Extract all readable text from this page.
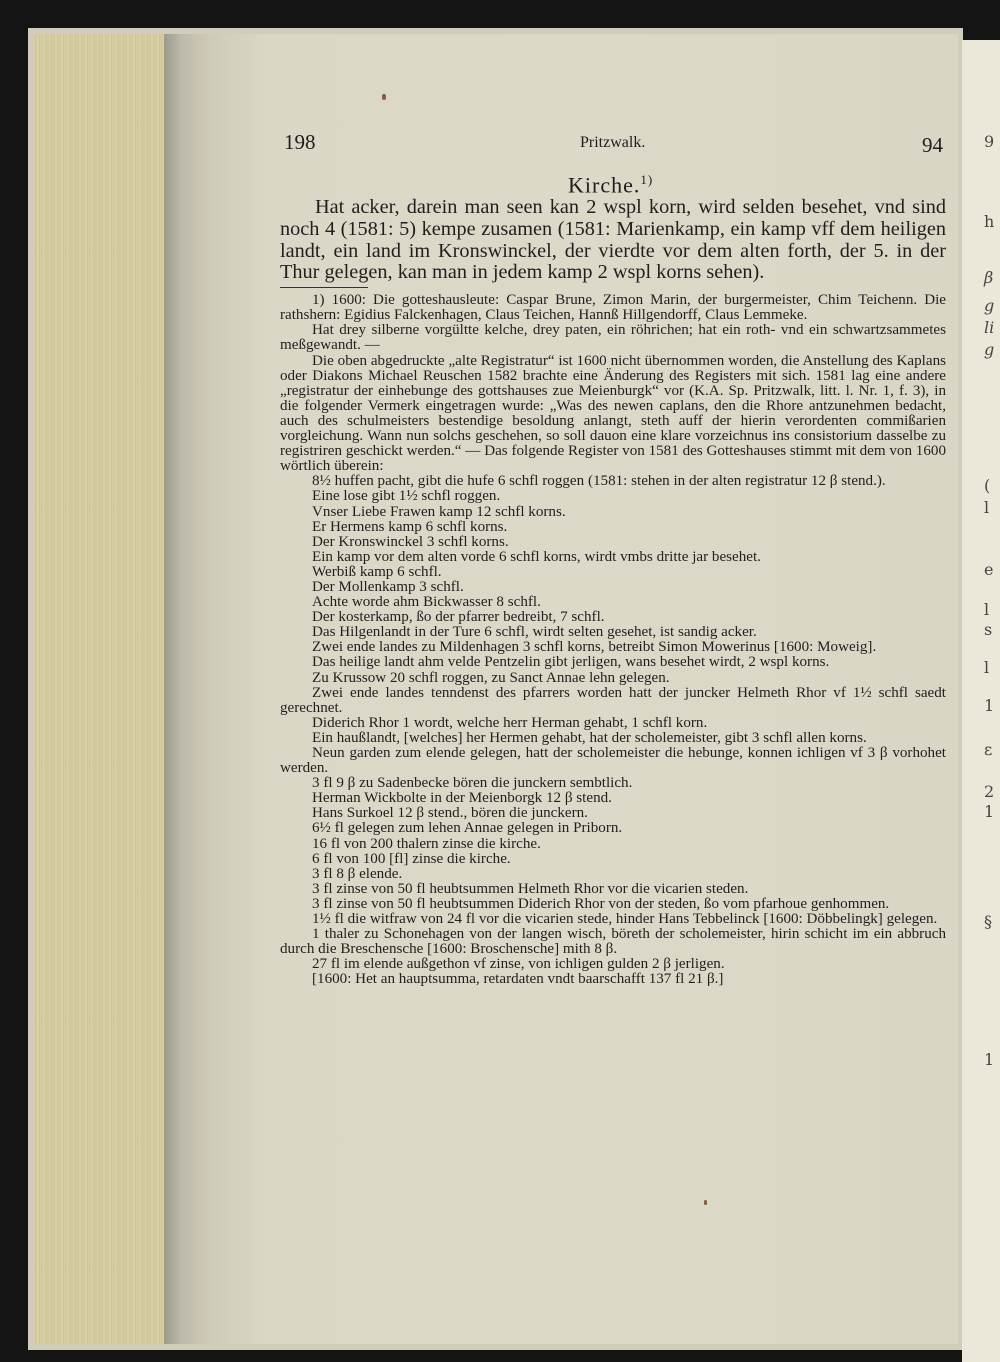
9
h
β
g
li
g
(
l
e
l
s
l
1
ε
2
1
§
1
198	Pritzwalk.	94
Kirche.$^{1)}$

Hat acker, darein man seen kan 2 wspl korn, wird selden besehet, vnd sind noch 4 (1581: 5) kempe zusamen (1581: Marienkamp, ein kamp vff dem heiligen landt, ein land im Kronswinckel, der vierdte vor dem alten forth, der 5. in der Thur gelegen, kan man in jedem kamp 2 wspl korns sehen).

1) 1600: Die gotteshausleute: Caspar Brune, Zimon Marin, der burgermeister, Chim Teichenn. Die rathshern: Egidius Falckenhagen, Claus Teichen, Hannß Hillgendorff, Claus Lemmeke.

Hat drey silberne vorgültte kelche, drey paten, ein röhrichen; hat ein roth- vnd ein schwartzsammetes meßgewandt. —

Die oben abgedruckte „alte Registratur“ ist 1600 nicht übernommen worden, die Anstellung des Kaplans oder Diakons Michael Reuschen 1582 brachte eine Änderung des Registers mit sich. 1581 lag eine andere „registratur der einhebunge des gottshauses zue Meienburgk“ vor (K.A. Sp. Pritzwalk, litt. l. Nr. 1, f. 3), in die folgender Vermerk eingetragen wurde: „Was des newen caplans, den die Rhore antzunehmen bedacht, auch des schulmeisters bestendige besoldung anlangt, steth auff der hierin verordenten commißarien vorgleichung. Wann nun solchs geschehen, so soll dauon eine klare vorzeichnus ins consistorium dasselbe zu registriren geschickt werden.“ — Das folgende Register von 1581 des Gotteshauses stimmt mit dem von 1600 wörtlich überein:

8½ huffen pacht, gibt die hufe 6 schfl roggen (1581: stehen in der alten registratur 12 β stend.).

Eine lose gibt 1½ schfl roggen.

Vnser Liebe Frawen kamp 12 schfl korns.

Er Hermens kamp 6 schfl korns.

Der Kronswinckel 3 schfl korns.

Ein kamp vor dem alten vorde 6 schfl korns, wirdt vmbs dritte jar besehet.

Werbiß kamp 6 schfl.

Der Mollenkamp 3 schfl.

Achte worde ahm Bickwasser 8 schfl.

Der kosterkamp, ßo der pfarrer bedreibt, 7 schfl.

Das Hilgenlandt in der Ture 6 schfl, wirdt selten gesehet, ist sandig acker.

Zwei ende landes zu Mildenhagen 3 schfl korns, betreibt Simon Mowerinus [1600: Moweig].

Das heilige landt ahm velde Pentzelin gibt jerligen, wans besehet wirdt, 2 wspl korns.

Zu Krussow 20 schfl roggen, zu Sanct Annae lehn gelegen.

Zwei ende landes tenndenst des pfarrers worden hatt der juncker Helmeth Rhor vf 1½ schfl saedt gerechnet.

Diderich Rhor 1 wordt, welche herr Herman gehabt, 1 schfl korn.

Ein haußlandt, [welches] her Hermen gehabt, hat der scholemeister, gibt 3 schfl allen korns.

Neun garden zum elende gelegen, hatt der scholemeister die hebunge, konnen ichligen vf 3 β vorhohet werden.

3 fl 9 β zu Sadenbecke bören die junckern sembtlich.

Herman Wickbolte in der Meienborgk 12 β stend.

Hans Surkoel 12 β stend., bören die junckern.

6½ fl gelegen zum lehen Annae gelegen in Priborn.

16 fl von 200 thalern zinse die kirche.

6 fl von 100 [fl] zinse die kirche.

3 fl 8 β elende.

3 fl zinse von 50 fl heubtsummen Helmeth Rhor vor die vicarien steden.

3 fl zinse von 50 fl heubtsummen Diderich Rhor von der steden, ßo vom pfarhoue genhommen.

1½ fl die witfraw von 24 fl vor die vicarien stede, hinder Hans Tebbelinck [1600: Döbbelingk] gelegen.

1 thaler zu Schonehagen von der langen wisch, böreth der scholemeister, hirin schicht im ein abbruch durch die Breschensche [1600: Broschensche] mith 8 β.

27 fl im elende außgethon vf zinse, von ichligen gulden 2 β jerligen.

[1600: Het an hauptsumma, retardaten vndt baarschafft 137 fl 21 β.]
